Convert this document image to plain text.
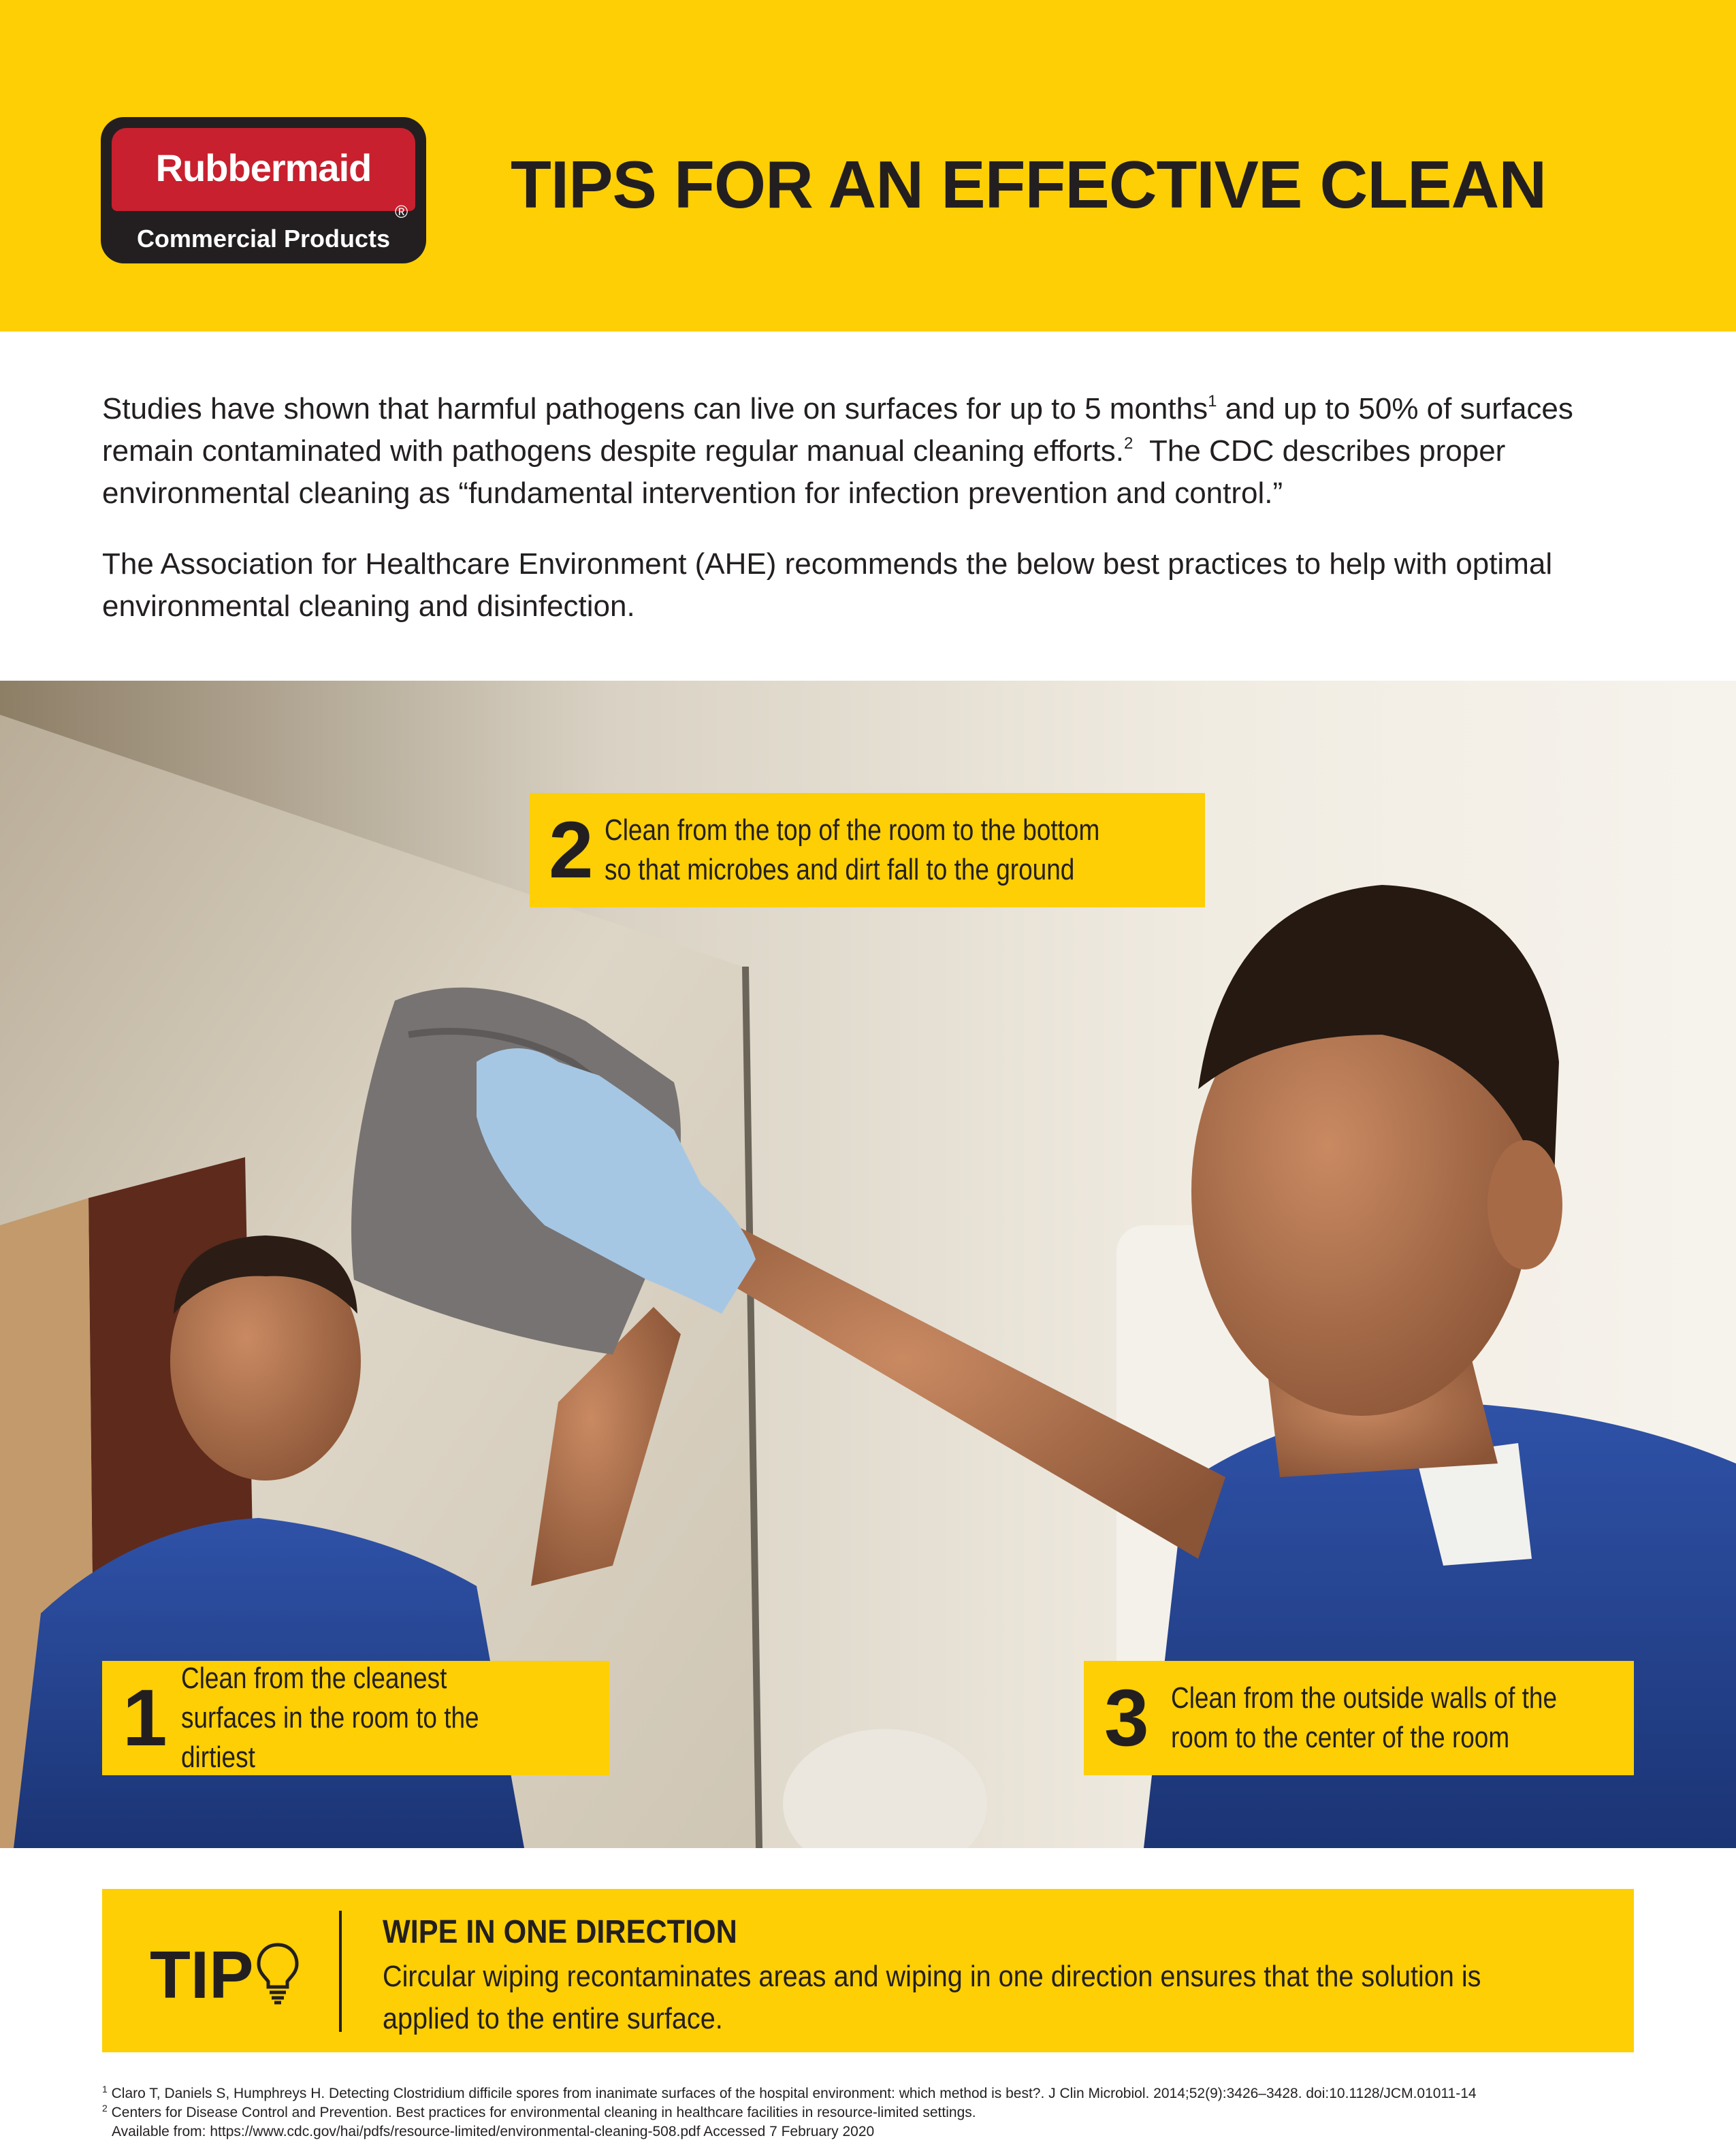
Rubbermaid
®
Commercial Products
TIPS FOR AN EFFECTIVE CLEAN

Studies have shown that harmful pathogens can live on surfaces for up to 5 months$^1$ and up to 50% of surfaces remain contaminated with pathogens despite regular manual cleaning efforts.$^2$  The CDC describes proper environmental cleaning as “fundamental intervention for infection prevention and control.”

The Association for Healthcare Environment (AHE) recommends the below best practices to help with optimal environmental cleaning and disinfection.

2 Clean from the top of the room to the bottom so that microbes and dirt fall to the ground
1 Clean from the cleanest surfaces in the room to the dirtiest	3 Clean from the outside walls of the room to the center of the room
TIP
WIPE IN ONE DIRECTION
Circular wiping recontaminates areas and wiping in one direction ensures that the solution is applied to the entire surface.
$^1$ Claro T, Daniels S, Humphreys H. Detecting Clostridium difficile spores from inanimate surfaces of the hospital environment: which method is best?. J Clin Microbiol. 2014;52(9):3426–3428. doi:10.1128/JCM.01011-14
$^2$ Centers for Disease Control and Prevention. Best practices for environmental cleaning in healthcare facilities in resource-limited settings.
Available from: https://www.cdc.gov/hai/pdfs/resource-limited/environmental-cleaning-508.pdf Accessed 7 February 2020
